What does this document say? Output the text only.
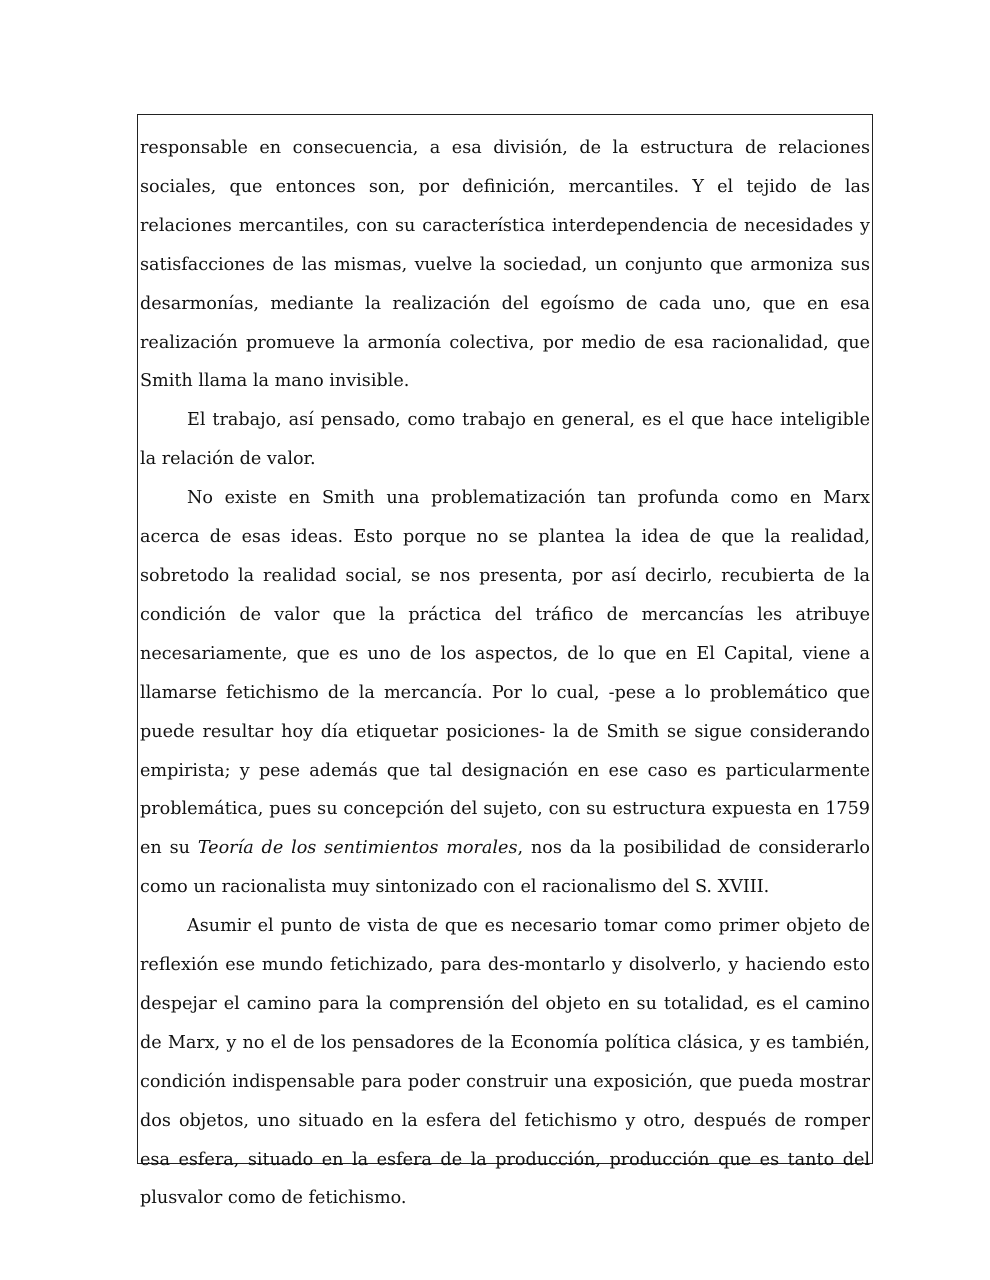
responsable en consecuencia, a esa división, de la estructura de relaciones sociales, que entonces son, por definición, mercantiles. Y el tejido de las relaciones mercantiles, con su característica interdependencia de necesidades y satisfacciones de las mismas, vuelve la sociedad, un conjunto que armoniza sus desarmonías, mediante la realización del egoísmo de cada uno, que en esa realización promueve la armonía colectiva, por medio de esa racionalidad, que Smith llama la mano invisible.

El trabajo, así pensado, como trabajo en general, es el que hace inteligible la relación de valor.

No existe en Smith una problematización tan profunda como en Marx acerca de esas ideas. Esto porque no se plantea la idea de que la realidad, sobretodo la realidad social, se nos presenta, por así decirlo, recubierta de la condición de valor que la práctica del tráfico de mercancías les atribuye necesariamente, que es uno de los aspectos, de lo que en El Capital, viene a llamarse fetichismo de la mercancía. Por lo cual, -pese a lo problemático que puede resultar hoy día etiquetar posiciones- la de Smith se sigue considerando empirista; y pese además que tal designación en ese caso es particularmente problemática, pues su concepción del sujeto, con su estructura expuesta en 1759 en su Teoría de los sentimientos morales, nos da la posibilidad de considerarlo como un racionalista muy sintonizado con el racionalismo del S. XVIII.

Asumir el punto de vista de que es necesario tomar como primer objeto de reflexión ese mundo fetichizado, para des-montarlo y disolverlo, y haciendo esto despejar el camino para la comprensión del objeto en su totalidad, es el camino de Marx, y no el de los pensadores de la Economía política clásica, y es también, condición indispensable para poder construir una exposición, que pueda mostrar dos objetos, uno situado en la esfera del fetichismo y otro, después de romper esa esfera, situado en la esfera de la producción, producción que es tanto del plusvalor como de fetichismo.
